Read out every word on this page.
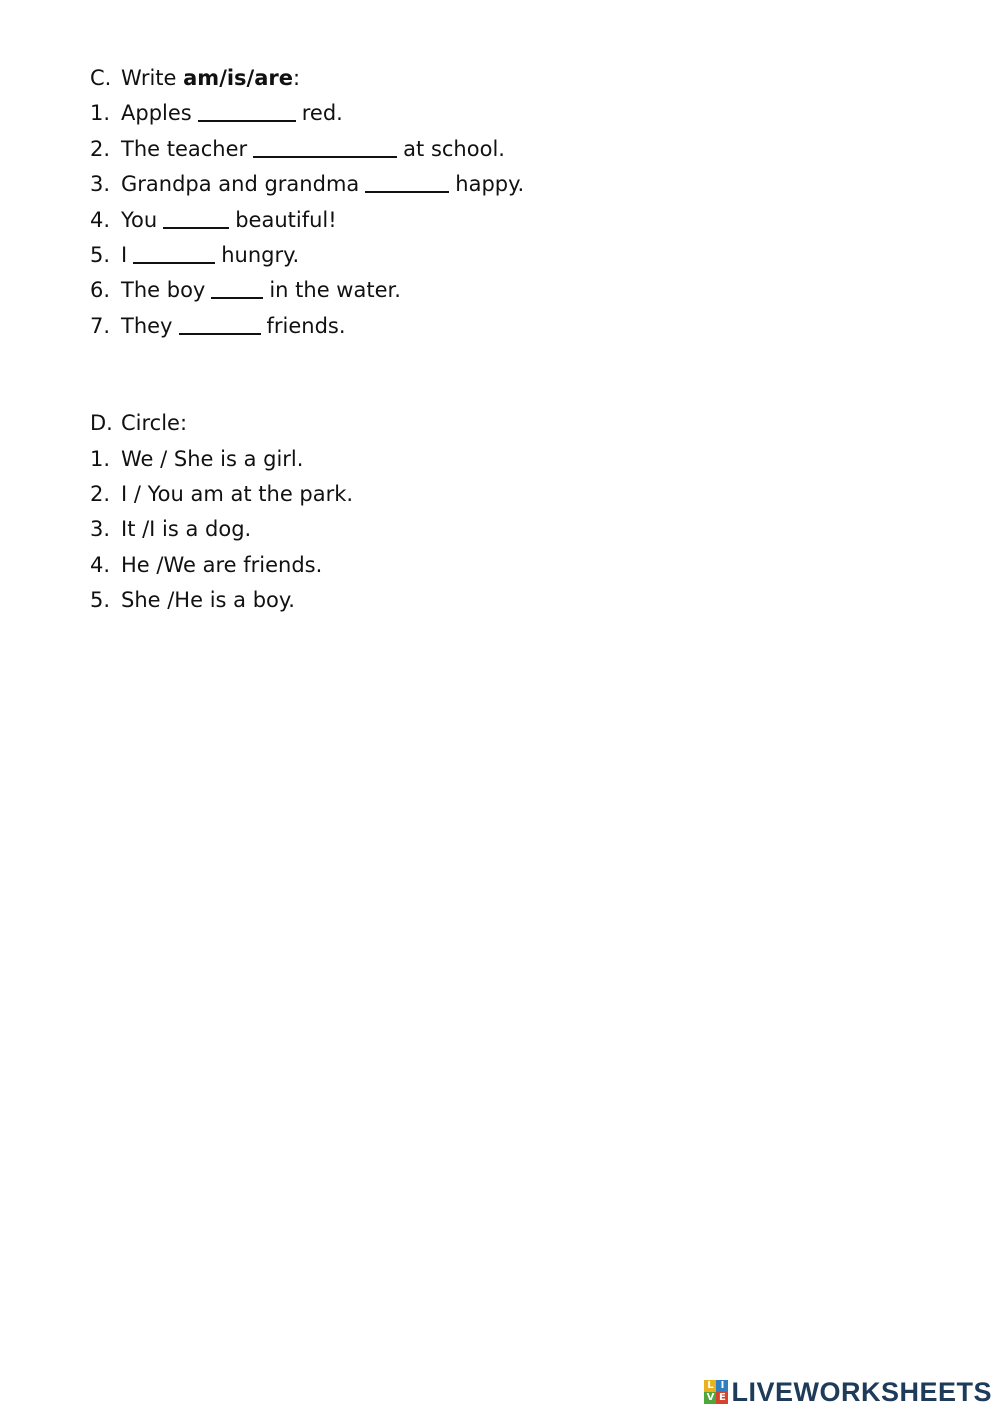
C. Write am/is/are:
1. Apples	red.
2. The teacher	at school.
3. Grandpa and grandma	happy.
4. You	beautiful!
5. I	hungry.
6. The boy	in the water.
7. They	friends.
D. Circle:
1. We / She is a girl.
2. I / You am at the park.
3. It /I is a dog.
4. He /We are friends.
5. She /He is a boy.
L I
V E LIVEWORKSHEETS
